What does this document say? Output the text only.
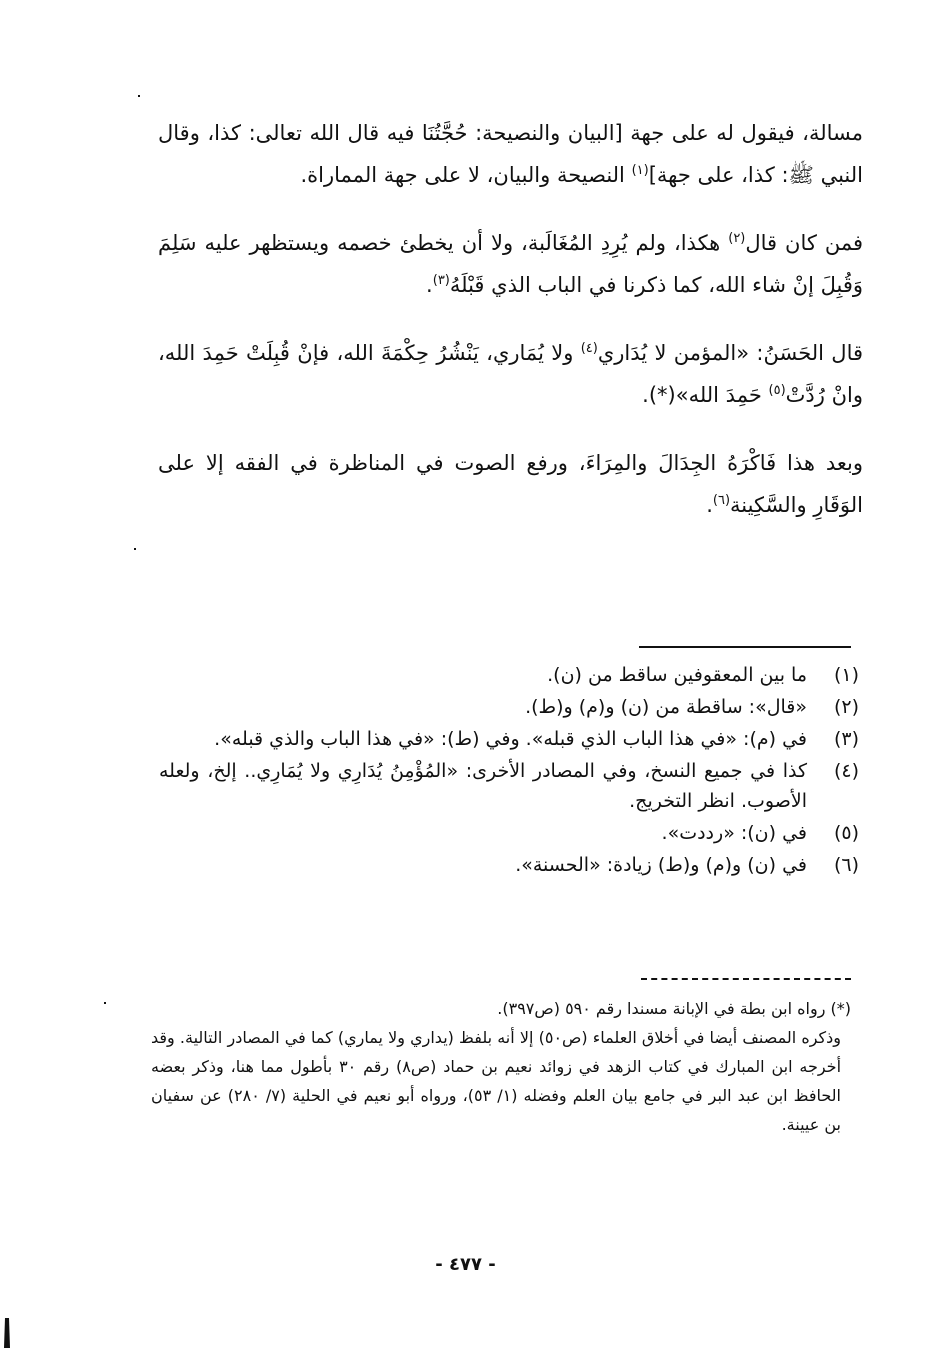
مسالة، فيقول له على جهة [البيان والنصيحة: حُجَّتُنَا فيه قال الله تعالى: كذا، وقال النبي ﷺ: كذا، على جهة]$^{(١)}$ النصيحة والبيان، لا على جهة المماراة.

فمن كان قال$^{(٢)}$ هكذا، ولم يُرِدِ المُغَالَبة، ولا أن يخطئ خصمه ويستظهر عليه سَلِمَ وَقُبِلَ إنْ شاء الله، كما ذكرنا في الباب الذي قَبْلَهُ$^{(٣)}$.

قال الحَسَنُ: «المؤمن لا يُدَاري$^{(٤)}$ ولا يُمَاري، يَنْشُرُ حِكْمَةَ الله، فإنْ قُبِلَتْ حَمِدَ الله، وانْ رُدَّتْ$^{(٥)}$ حَمِدَ الله»(*).

وبعد هذا فَاكْرَهُ الجِدَالَ والمِرَاءَ، ورفع الصوت في المناظرة في الفقه إلا على الوَقَارِ والسَّكِينة$^{(٦)}$.

(١)
ما بين المعقوفين ساقط من (ن).
(٢)
«قال»: ساقطة من (ن) و(م) و(ط).
(٣)
في (م): «في هذا الباب الذي قبله». وفي (ط): «في هذا الباب والذي قبله».
(٤)
كذا في جميع النسخ، وفي المصادر الأخرى: «المُؤْمِنُ يُدَارِي ولا يُمَارِي.. إلخ، ولعله الأصوب. انظر التخريج.
(٥)
في (ن): «رددت».
(٦)
في (ن) و(م) و(ط) زيادة: «الحسنة».

(*) رواه ابن بطة في الإبانة مسندا رقم ٥٩٠ (ص٣٩٧).

وذكره المصنف أيضا في أخلاق العلماء (ص٥٠) إلا أنه بلفظ (يداري ولا يماري) كما في المصادر التالية. وقد أخرجه ابن المبارك في كتاب الزهد في زوائد نعيم بن حماد (ص٨) رقم ٣٠ بأطول مما هنا، وذكر بعضه الحافظ ابن عبد البر في جامع بيان العلم وفضله (١/ ٥٣)، ورواه أبو نعيم في الحلية (٧/ ٢٨٠) عن سفيان بن عيينة.

- ٤٧٧ -
